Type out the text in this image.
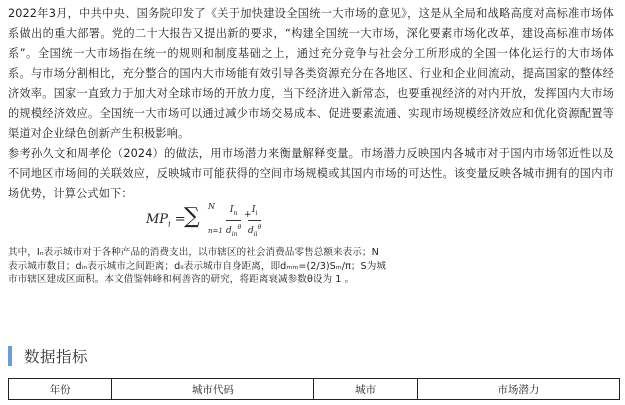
2022年3月，中共中央、国务院印发了《关于加快建设全国统一大市场的意见》，这是从全局和战略高度对高标准市场体系做出的重大部署。党的二十大报告又提出新的要求，“构建全国统一大市场，深化要素市场化改革，建设高标准市场体系”。全国统一大市场指在统一的规则和制度基础之上，通过充分竞争与社会分工所形成的全国一体化运行的大市场体系。与市场分割相比，充分整合的国内大市场能有效引导各类资源充分在各地区、行业和企业间流动，提高国家的整体经济效率。国家一直致力于加大对全球市场的开放力度，当下经济进入新常态，也要重视经济的对内开放，发挥国内大市场的规模经济效应。全国统一大市场可以通过减少市场交易成本、促进要素流通、实现市场规模经济效应和优化资源配置等渠道对企业绿色创新产生积极影响。

参考孙久文和周孝伦（2024）的做法，用市场潜力来衡量解释变量。市场潜力反映国内各城市对于国内市场邻近性以及不同地区市场间的关联效应，反映城市可能获得的空间市场规模或其国内市场的可达性。该变量反映各城市拥有的国内市场优势，计算公式如下：

$MP_i$ =
∑ N
n=1
$I_n$
$d_{in}^\theta$
+ $I_i$
$d_{ii}^\theta$

其中，Iₙ表示城市对于各种产品的消费支出，以市辖区的社会消费品零售总额来表示；N 表示城市数目；dᵢₙ表示城市之间距离；dᵢᵢ表示城市自身距离，即dₘₘ=(2/3)Sₘ/π；S为城市市辖区建成区面积。本文借鉴韩峰和柯善咨的研究，将距离衰减参数θ设为 1 。

数据指标
年份	城市代码	城市	市场潜力
